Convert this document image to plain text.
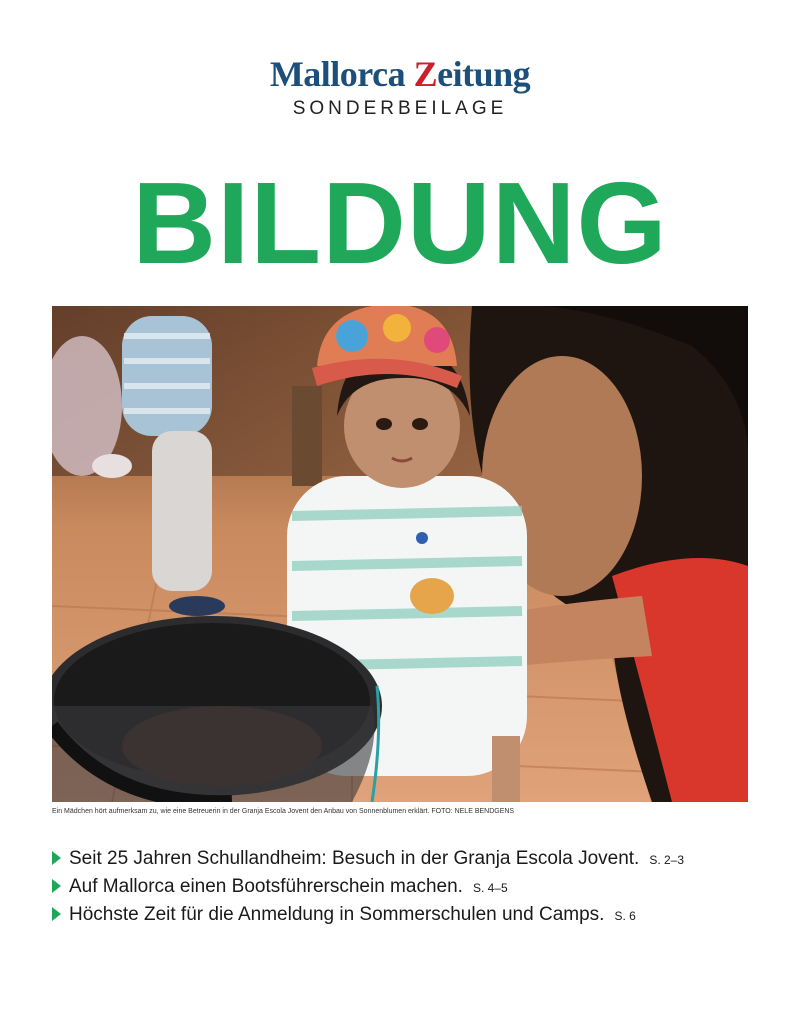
Mallorca Zeitung
SONDERBEILAGE
BILDUNG
Ein Mädchen hört aufmerksam zu, wie eine Betreuerin in der Granja Escola Jovent den Anbau von Sonnenblumen erklärt. FOTO: NELE BENDGENS
Seit 25 Jahren Schullandheim: Besuch in der Granja Escola Jovent. S. 2–3
Auf Mallorca einen Bootsführerschein machen. S. 4–5
Höchste Zeit für die Anmeldung in Sommerschulen und Camps. S. 6
